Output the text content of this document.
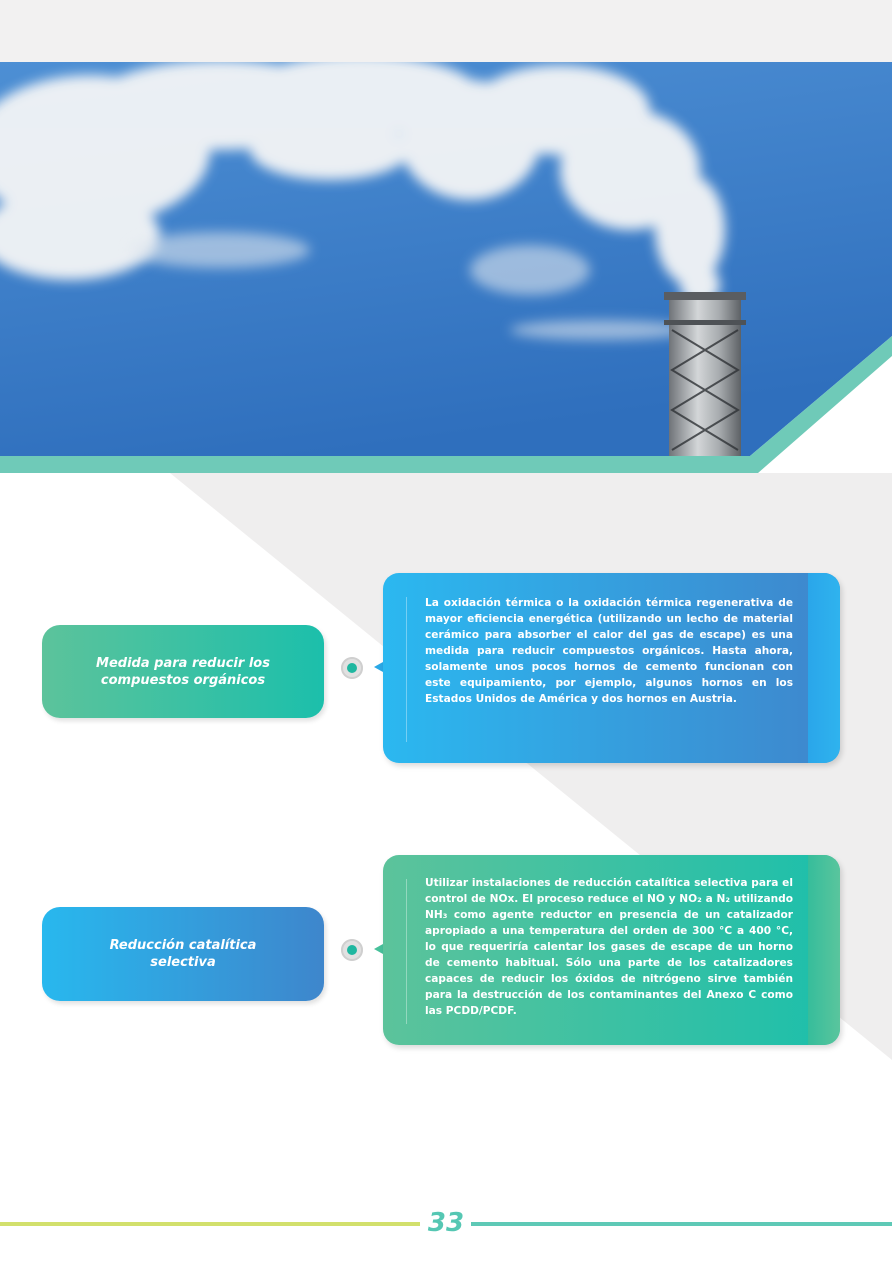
Medida para reducir los compuestos orgánicos

La oxidación térmica o la oxidación térmica regenerativa de mayor eficiencia energética (utilizando un lecho de material cerámico para absorber el calor del gas de escape) es una medida para reducir compuestos orgánicos. Hasta ahora, solamente unos pocos hornos de cemento funcionan con este equipamiento, por ejemplo, algunos hornos en los Estados Unidos de América y dos hornos en Austria.

Reducción catalítica selectiva

Utilizar instalaciones de reducción catalítica selectiva para el control de NOx. El proceso reduce el NO y NO₂ a N₂ utilizando NH₃ como agente reductor en presencia de un catalizador apropiado a una temperatura del orden de 300 °C a 400 °C, lo que requeriría calentar los gases de escape de un horno de cemento habitual. Sólo una parte de los catalizadores capaces de reducir los óxidos de nitrógeno sirve también para la destrucción de los contaminantes del Anexo C como las PCDD/PCDF.

33
